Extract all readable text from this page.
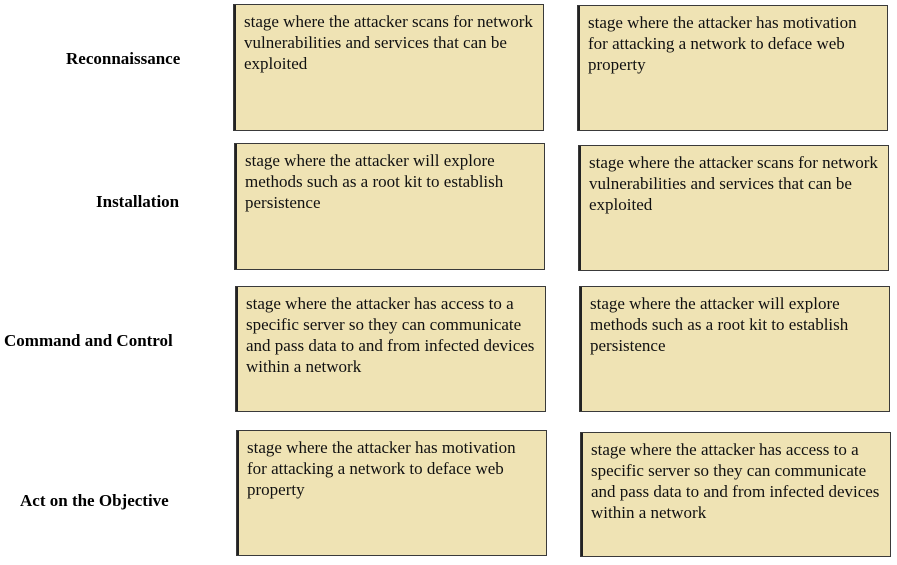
Reconnaissance
Installation
Command and Control
Act on the Objective
stage where the attacker scans for network vulnerabilities and services that can be exploited
stage where the attacker will explore methods such as a root kit to establish persistence
stage where the attacker has access to a specific server so they can communicate and pass data to and from infected devices within a network
stage where the attacker has motivation for attacking a network to deface web property
stage where the attacker has motivation for attacking a network to deface web property
stage where the attacker scans for network vulnerabilities and services that can be exploited
stage where the attacker will explore methods such as a root kit to establish persistence
stage where the attacker has access to a specific server so they can communicate and pass data to and from infected devices within a network
